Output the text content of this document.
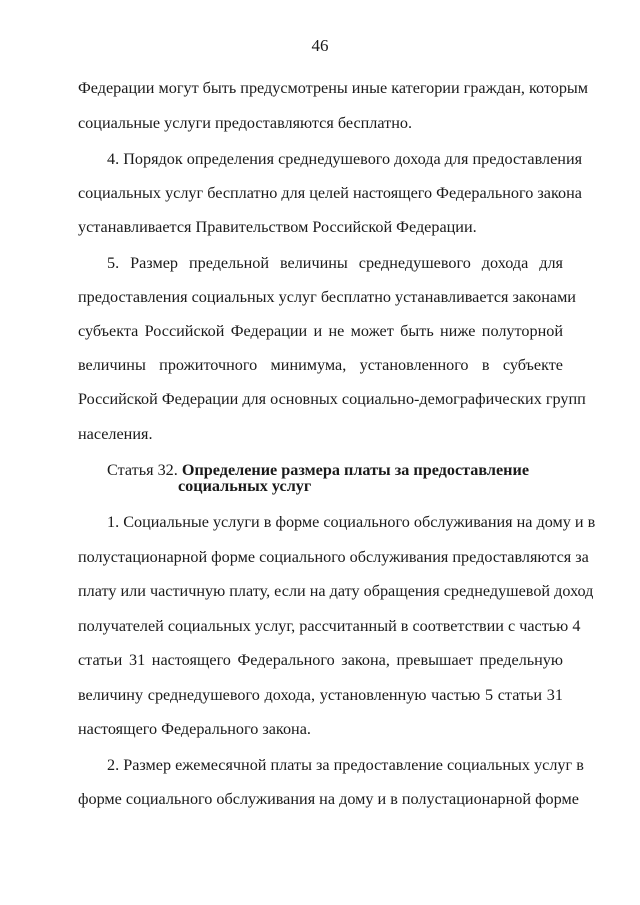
46
Федерации могут быть предусмотрены иные категории граждан, которым
социальные услуги предоставляются бесплатно.
4. Порядок определения среднедушевого дохода для предоставления
социальных услуг бесплатно для целей настоящего Федерального закона
устанавливается Правительством Российской Федерации.
5. Размер предельной величины среднедушевого дохода для
предоставления социальных услуг бесплатно устанавливается законами
субъекта Российской Федерации и не может быть ниже полуторной
величины прожиточного минимума, установленного в субъекте
Российской Федерации для основных социально-демографических групп
населения.
Статья 32. Определение размера платы за предоставление
социальных услуг
1. Социальные услуги в форме социального обслуживания на дому и в
полустационарной форме социального обслуживания предоставляются за
плату или частичную плату, если на дату обращения среднедушевой доход
получателей социальных услуг, рассчитанный в соответствии с частью 4
статьи 31 настоящего Федерального закона, превышает предельную
величину среднедушевого дохода, установленную частью 5 статьи 31
настоящего Федерального закона.
2. Размер ежемесячной платы за предоставление социальных услуг в
форме социального обслуживания на дому и в полустационарной форме
